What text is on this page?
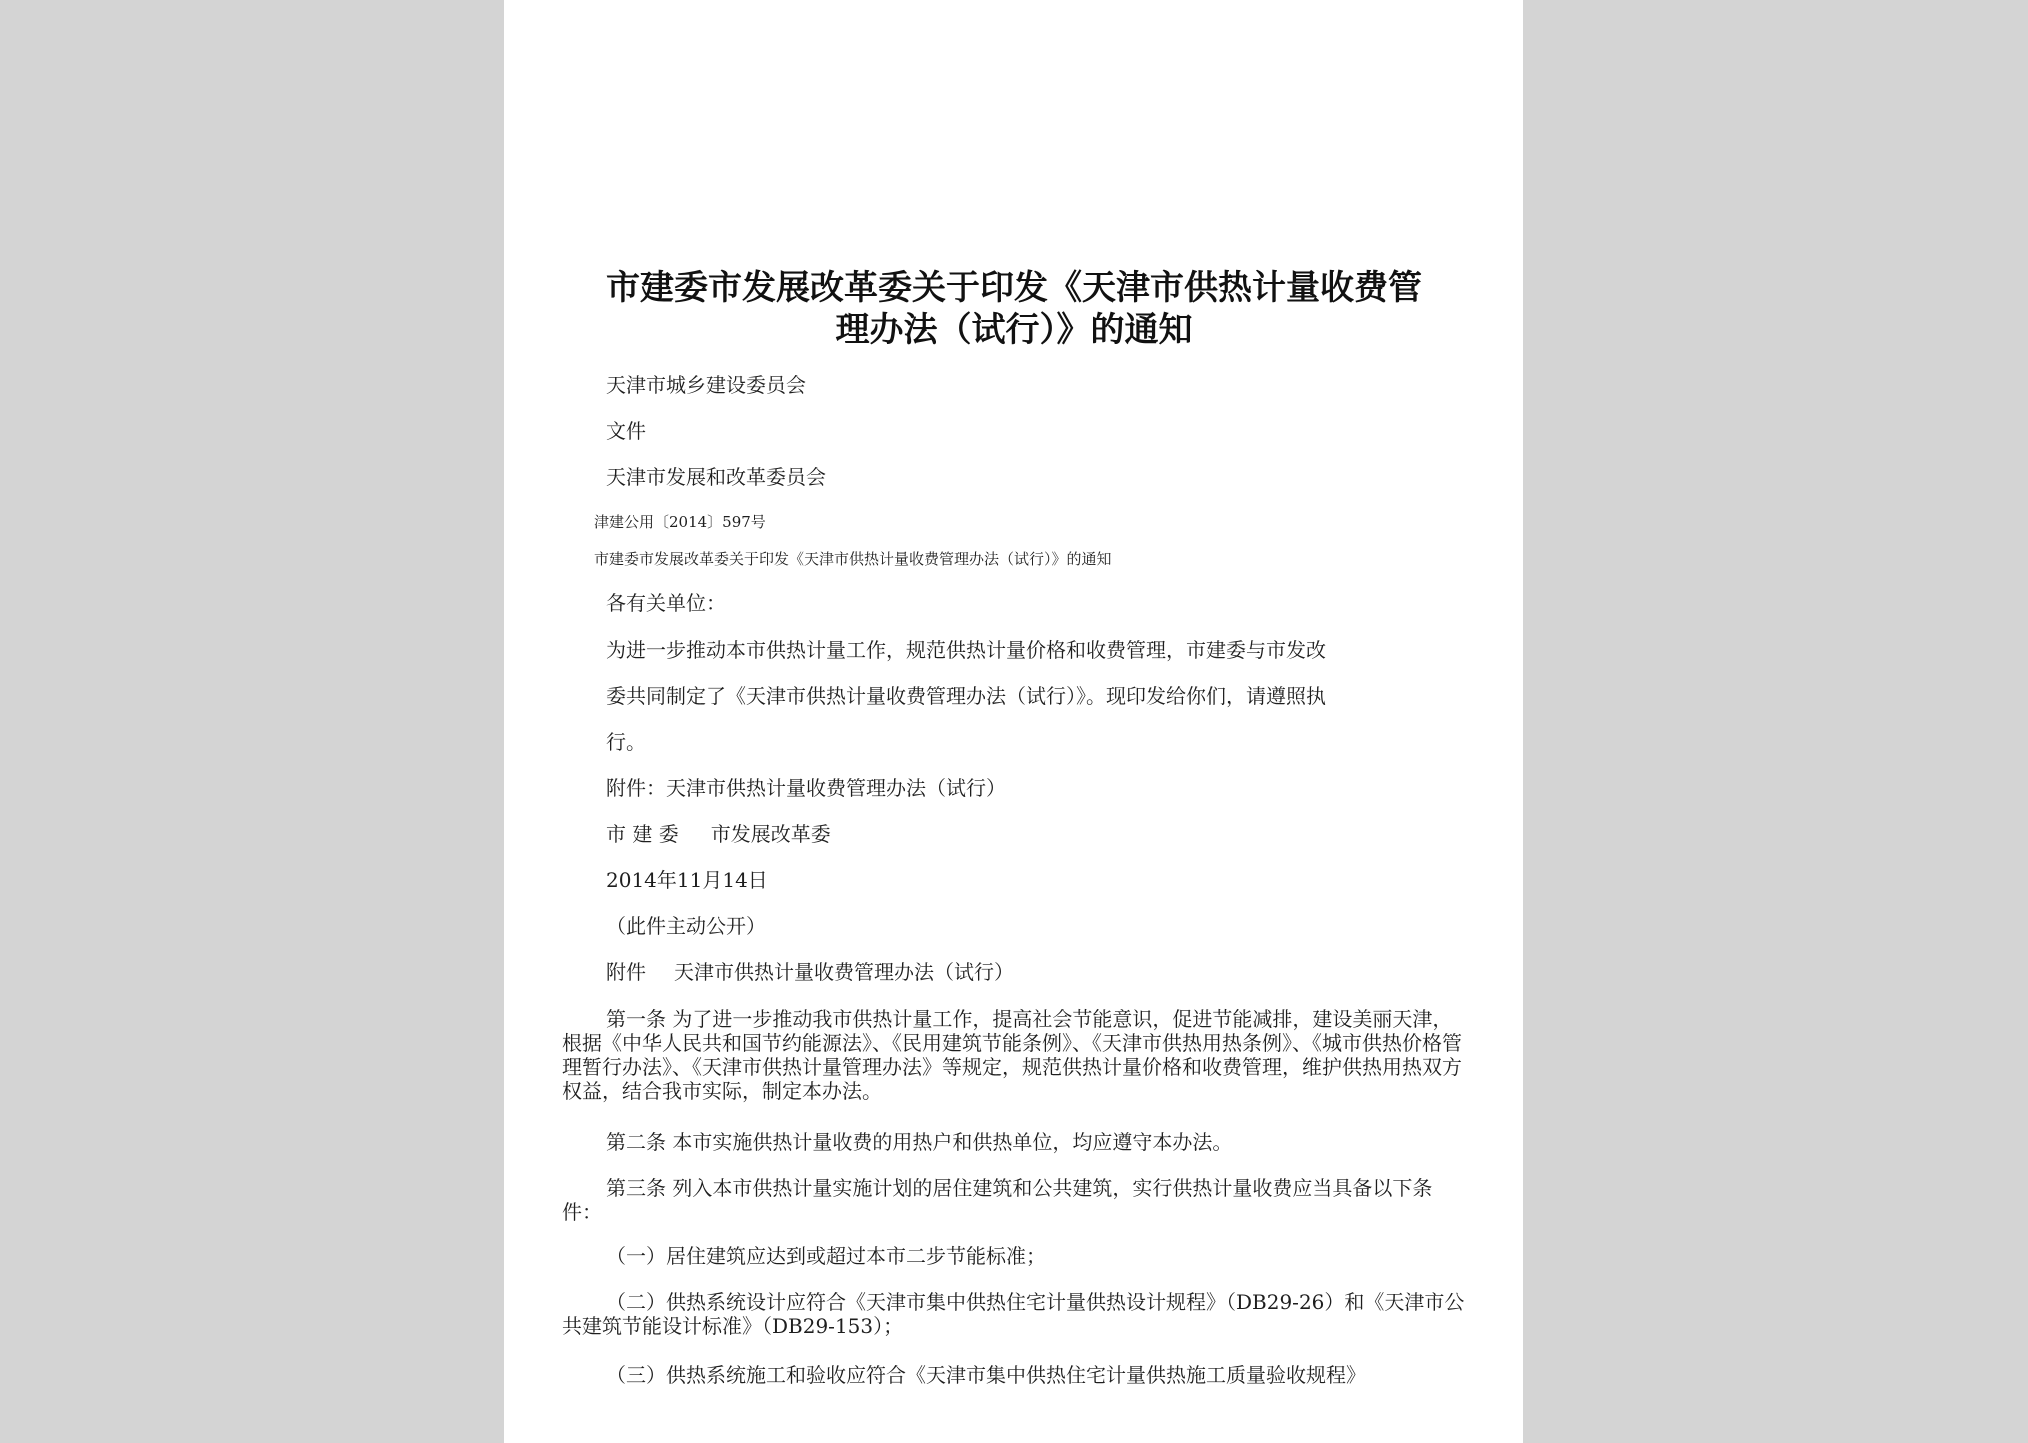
市建委市发展改革委关于印发《天津市供热计量收费管
理办法（试行）》的通知
天津市城乡建设委员会
文件
天津市发展和改革委员会
津建公用〔2014〕597号
市建委市发展改革委关于印发《天津市供热计量收费管理办法（试行）》的通知
各有关单位：
为进一步推动本市供热计量工作，规范供热计量价格和收费管理，市建委与市发改
委共同制定了《天津市供热计量收费管理办法（试行）》。现印发给你们，请遵照执
行。
附件：天津市供热计量收费管理办法（试行）
市 建 委 市发展改革委
2014年11月14日
（此件主动公开）
附件 天津市供热计量收费管理办法（试行）
第一条 为了进一步推动我市供热计量工作，提高社会节能意识，促进节能减排，建设美丽天津，根据《中华人民共和国节约能源法》、《民用建筑节能条例》、《天津市供热用热条例》、《城市供热价格管理暂行办法》、《天津市供热计量管理办法》等规定，规范供热计量价格和收费管理，维护供热用热双方权益，结合我市实际，制定本办法。
第二条 本市实施供热计量收费的用热户和供热单位，均应遵守本办法。
第三条 列入本市供热计量实施计划的居住建筑和公共建筑，实行供热计量收费应当具备以下条件：
（一）居住建筑应达到或超过本市二步节能标准；
（二）供热系统设计应符合《天津市集中供热住宅计量供热设计规程》（DB29-26）和《天津市公共建筑节能设计标准》（DB29-153）；
（三）供热系统施工和验收应符合《天津市集中供热住宅计量供热施工质量验收规程》
